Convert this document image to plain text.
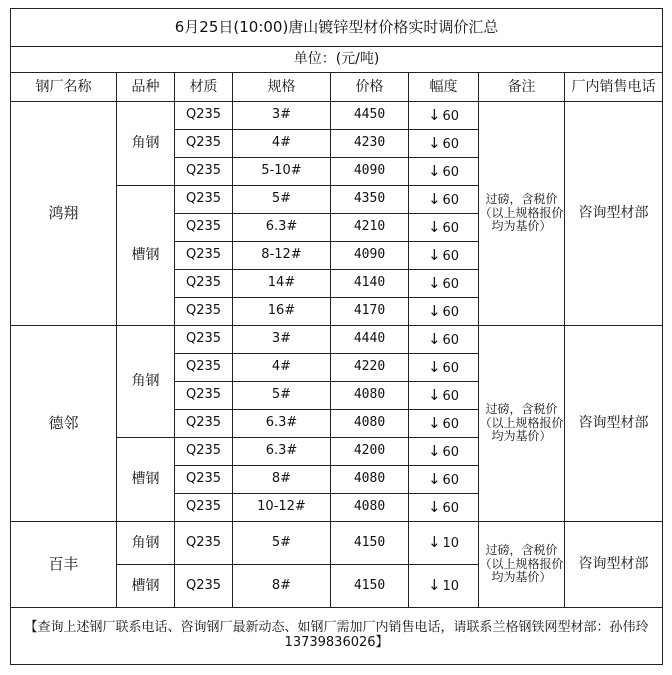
6月25日(10:00)唐山镀锌型材价格实时调价汇总							
单位：(元/吨)							
钢厂名称	品种	材质	规格	价格	幅度	备注	厂内销售电话
鸿翔	角钢	Q235	3#	4450	↓ 60	过磅，含税价（以上规格报价均为基价）	咨询型材部
		Q235	4#	4230	↓ 60		
		Q235	5-10#	4090	↓ 60		
	槽钢	Q235	5#	4350	↓ 60		
		Q235	6.3#	4210	↓ 60		
		Q235	8-12#	4090	↓ 60		
		Q235	14#	4140	↓ 60		
		Q235	16#	4170	↓ 60		
德邻	角钢	Q235	3#	4440	↓ 60	过磅，含税价（以上规格报价均为基价）	咨询型材部
		Q235	4#	4220	↓ 60		
		Q235	5#	4080	↓ 60		
		Q235	6.3#	4080	↓ 60		
	槽钢	Q235	6.3#	4200	↓ 60		
		Q235	8#	4080	↓ 60		
		Q235	10-12#	4080	↓ 60		
百丰	角钢	Q235	5#	4150	↓ 10	过磅，含税价（以上规格报价均为基价）	咨询型材部
	槽钢	Q235	8#	4150	↓ 10		
【查询上述钢厂联系电话、咨询钢厂最新动态、如钢厂需加厂内销售电话，请联系兰格钢铁网型材部：孙伟玲13739836026】							
